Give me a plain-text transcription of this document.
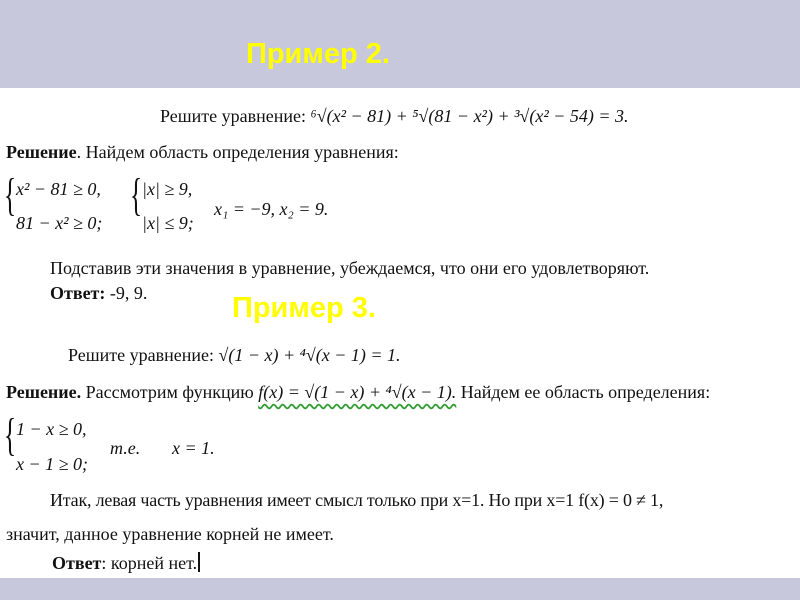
Пример 2.
Решите уравнение: ⁶√(x² − 81) + ⁵√(81 − x²) + ³√(x² − 54) = 3.
Решение. Найдем область определения уравнения:
{ x² − 81 ≥ 0,
81 − x² ≥ 0;
{ |x| ≥ 9,
|x| ≤ 9;
x₁ = −9, x₂ = 9.
Подставив эти значения в уравнение, убеждаемся, что они его удовлетворяют.
Ответ: -9, 9.	Пример 3.
Решите уравнение: √(1 − x) + ⁴√(x − 1) = 1.
Решение. Рассмотрим функцию f(x) = √(1 − x) + ⁴√(x − 1). Найдем ее область определения:
{ 1 − x ≥ 0,
x − 1 ≥ 0;
т.е. x = 1.
Итак, левая часть уравнения имеет смысл только при x=1. Но при x=1 f(x) = 0 ≠ 1,
значит, данное уравнение корней не имеет.
Ответ: корней нет.
